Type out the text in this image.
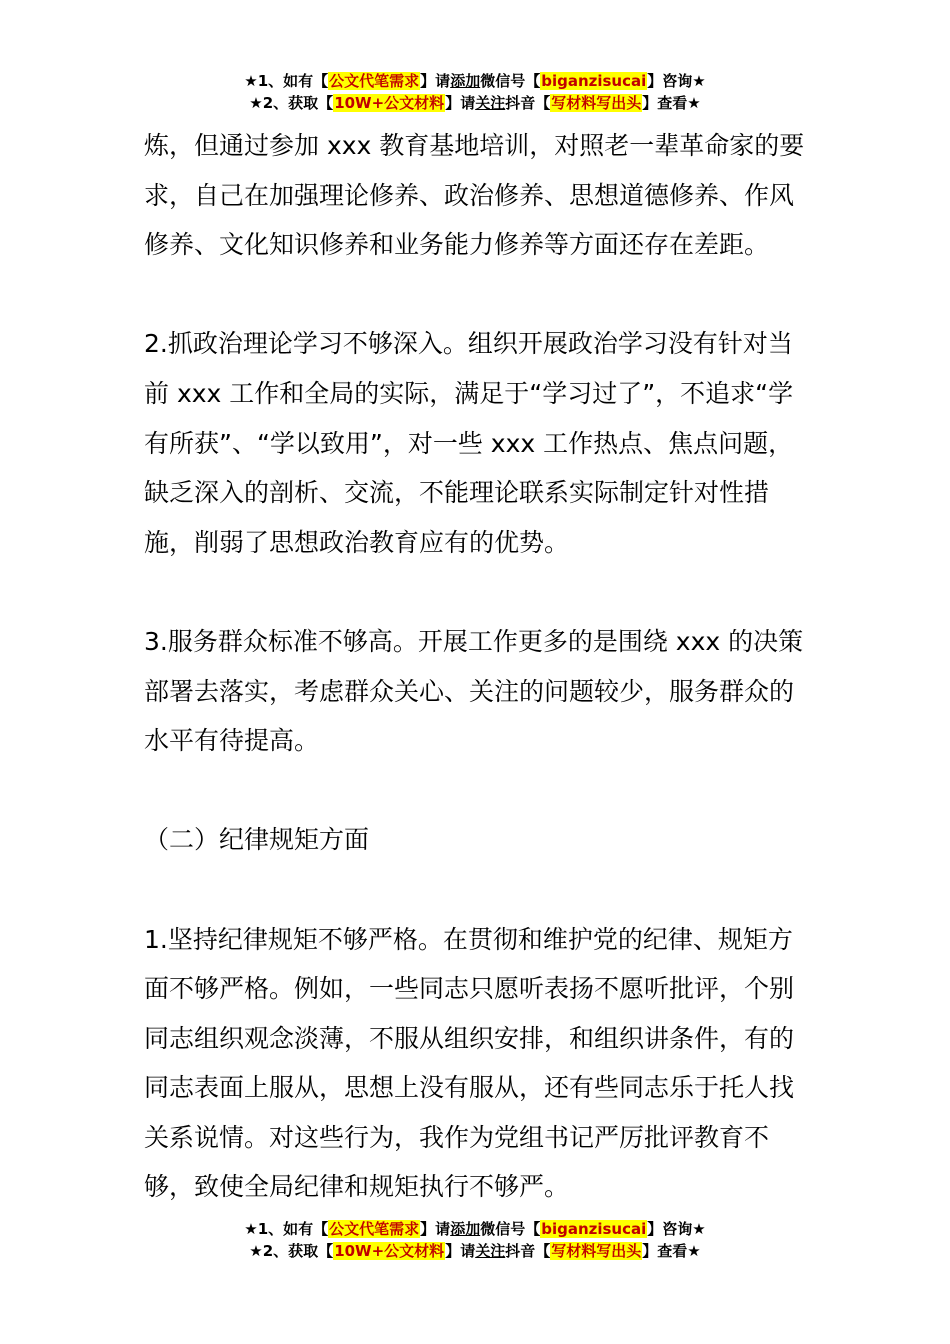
★1、如有【公文代笔需求】请添加微信号【biganzisucai】咨询★
★2、获取【10W+公文材料】请关注抖音【写材料写出头】查看★

炼，但通过参加 xxx 教育基地培训，对照老一辈革命家的要求，自己在加强理论修养、政治修养、思想道德修养、作风修养、文化知识修养和业务能力修养等方面还存在差距。

2.抓政治理论学习不够深入。组织开展政治学习没有针对当前 xxx 工作和全局的实际，满足于“学习过了”，不追求“学有所获”、“学以致用”，对一些 xxx 工作热点、焦点问题，缺乏深入的剖析、交流，不能理论联系实际制定针对性措施，削弱了思想政治教育应有的优势。

3.服务群众标准不够高。开展工作更多的是围绕 xxx 的决策部署去落实，考虑群众关心、关注的问题较少，服务群众的水平有待提高。

（二）纪律规矩方面

1.坚持纪律规矩不够严格。在贯彻和维护党的纪律、规矩方面不够严格。例如，一些同志只愿听表扬不愿听批评，个别同志组织观念淡薄，不服从组织安排，和组织讲条件，有的同志表面上服从，思想上没有服从，还有些同志乐于托人找关系说情。对这些行为，我作为党组书记严厉批评教育不够，致使全局纪律和规矩执行不够严。

★1、如有【公文代笔需求】请添加微信号【biganzisucai】咨询★
★2、获取【10W+公文材料】请关注抖音【写材料写出头】查看★
